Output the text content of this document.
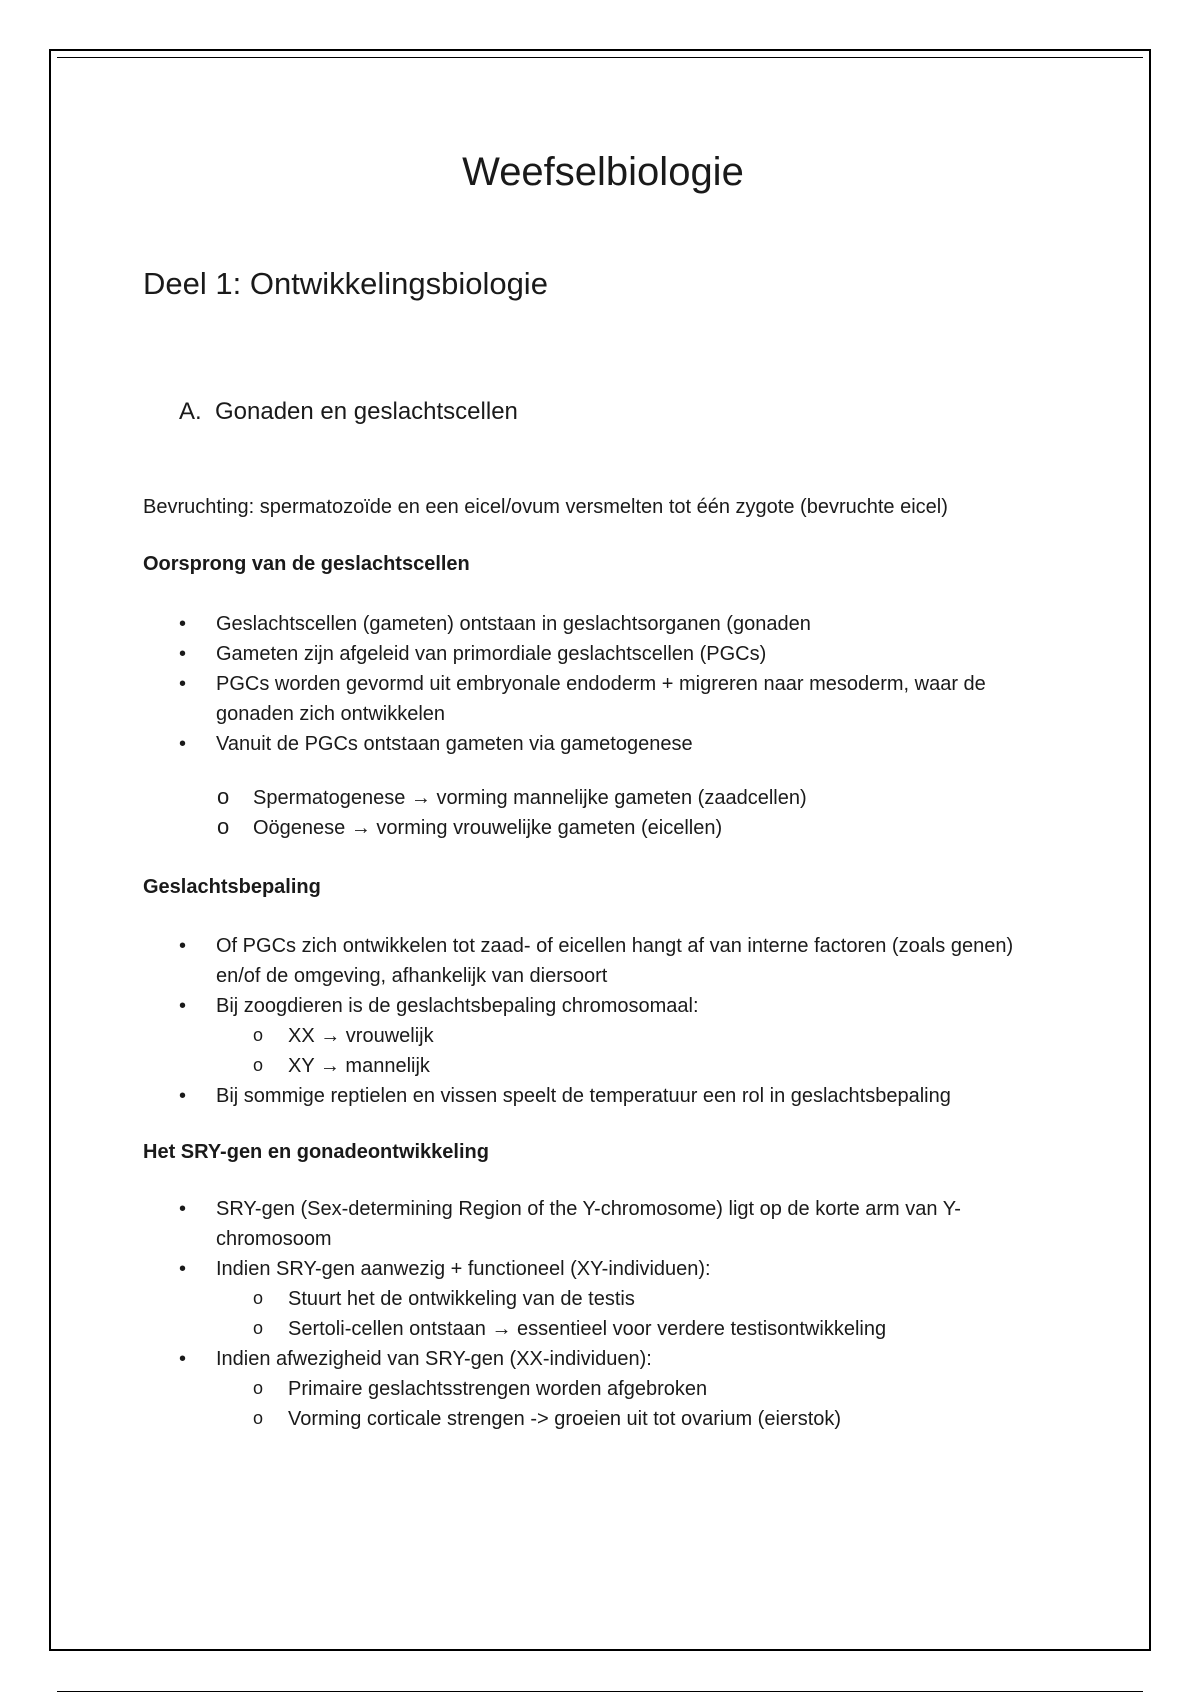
Weefselbiologie
Deel 1: Ontwikkelingsbiologie
A. Gonaden en geslachtscellen
Bevruchting: spermatozoïde en een eicel/ovum versmelten tot één zygote (bevruchte eicel)
Oorsprong van de geslachtscellen
• Geslachtscellen (gameten) ontstaan in geslachtsorganen (gonaden
• Gameten zijn afgeleid van primordiale geslachtscellen (PGCs)
• PGCs worden gevormd uit embryonale endoderm + migreren naar mesoderm, waar de gonaden zich ontwikkelen
• Vanuit de PGCs ontstaan gameten via gametogenese
o Spermatogenese → vorming mannelijke gameten (zaadcellen)
o Oögenese → vorming vrouwelijke gameten (eicellen)
Geslachtsbepaling
• Of PGCs zich ontwikkelen tot zaad- of eicellen hangt af van interne factoren (zoals genen) en/of de omgeving, afhankelijk van diersoort
• Bij zoogdieren is de geslachtsbepaling chromosomaal:
o XX → vrouwelijk
o XY → mannelijk
• Bij sommige reptielen en vissen speelt de temperatuur een rol in geslachtsbepaling
Het SRY-gen en gonadeontwikkeling
• SRY-gen (Sex-determining Region of the Y-chromosome) ligt op de korte arm van Y-chromosoom
• Indien SRY-gen aanwezig + functioneel (XY-individuen):
o Stuurt het de ontwikkeling van de testis
o Sertoli-cellen ontstaan → essentieel voor verdere testisontwikkeling
• Indien afwezigheid van SRY-gen (XX-individuen):
o Primaire geslachtsstrengen worden afgebroken
o Vorming corticale strengen -> groeien uit tot ovarium (eierstok)
